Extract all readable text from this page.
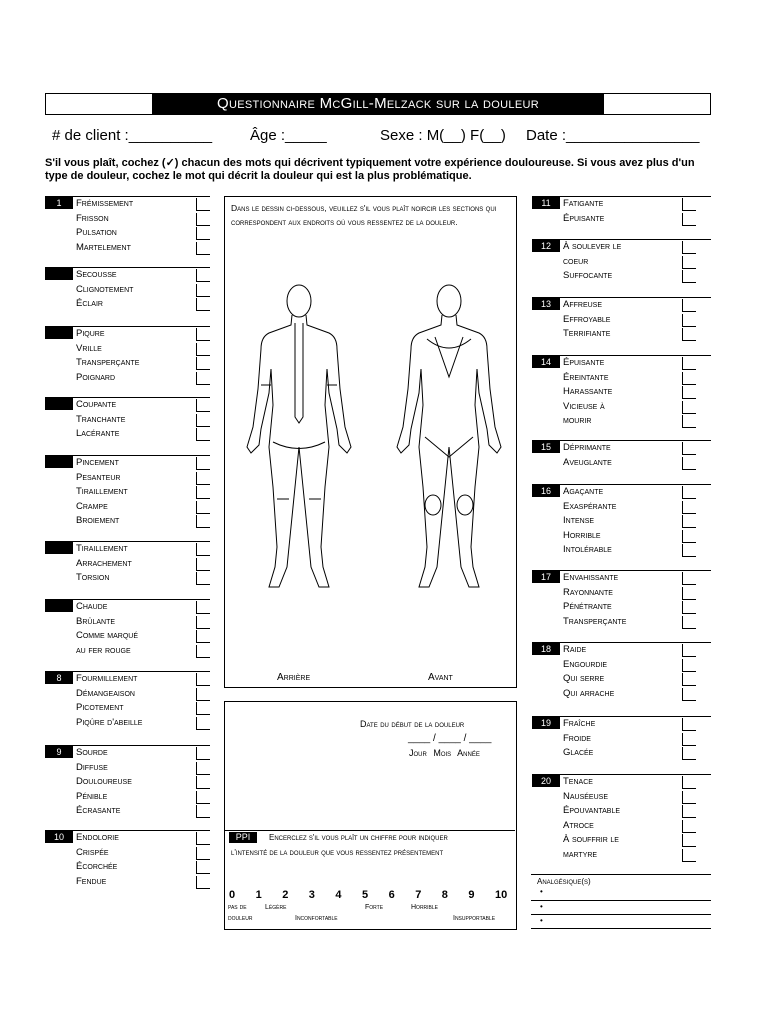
Questionnaire McGill-Melzack sur la douleur
# de client :__________	Âge :_____	Sexe : M(__) F(__) Date :________________
S'il vous plaît, cochez (✓) chacun des mots qui décrivent typiquement votre expérience douloureuse. Si vous avez plus d'un type de douleur, cochez le mot qui décrit la douleur qui est la plus problématique.
1	Frémissement
Frisson
Pulsation
Martelement
Secousse
Clignotement
Éclair
Piqure
Vrille
Transperçante
Poignard
Coupante
Tranchante
Lacérante
Pincement
Pesanteur
Tiraillement
Crampe
Broiement
Tiraillement
Arrachement
Torsion
Chaude
Brûlante
Comme marqué
au fer rouge
8	Fourmillement
Démangeaison
Picotement
Piqûre d'abeille
9	Sourde
Diffuse
Douloureuse
Pénible
Écrasante
10	Endolorie
Crispée
Écorchée
Fendue
11	Fatigante
Épuisante
12	À soulever le
coeur
Suffocante
13	Affreuse
Effroyable
Terrifiante
14	Épuisante
Éreintante
Harassante
Vicieuse à
mourir
15	Déprimante
Aveuglante
16	Agaçante
Exaspérante
Intense
Horrible
Intolérable
17	Envahissante
Rayonnante
Pénétrante
Transperçante
18	Raide
Engourdie
Qui serre
Qui arrache
19	Fraîche
Froide
Glacée
20	Tenace
Nauséeuse
Épouvantable
Atroce
À souffrir le
martyre
Dans le dessin ci-dessous, veuillez s'il vous plaît noircir les sections qui correspondent aux endroits où vous ressentez de la douleur.
Arrière	Avant
Date du début de la douleur
____ / ____ / ____
Jour Mois Année
PPI	Encerclez s'il vous plaît un chiffre pour indiquer
l'intensité de la douleur que vous ressentez présentement
0 1 2 3 4 5 6 7 8 9 10
pas de	Légère	Forte	Horrible
douleur	Inconfortable	Insupportable
Analgésique(s)
•
•
•
